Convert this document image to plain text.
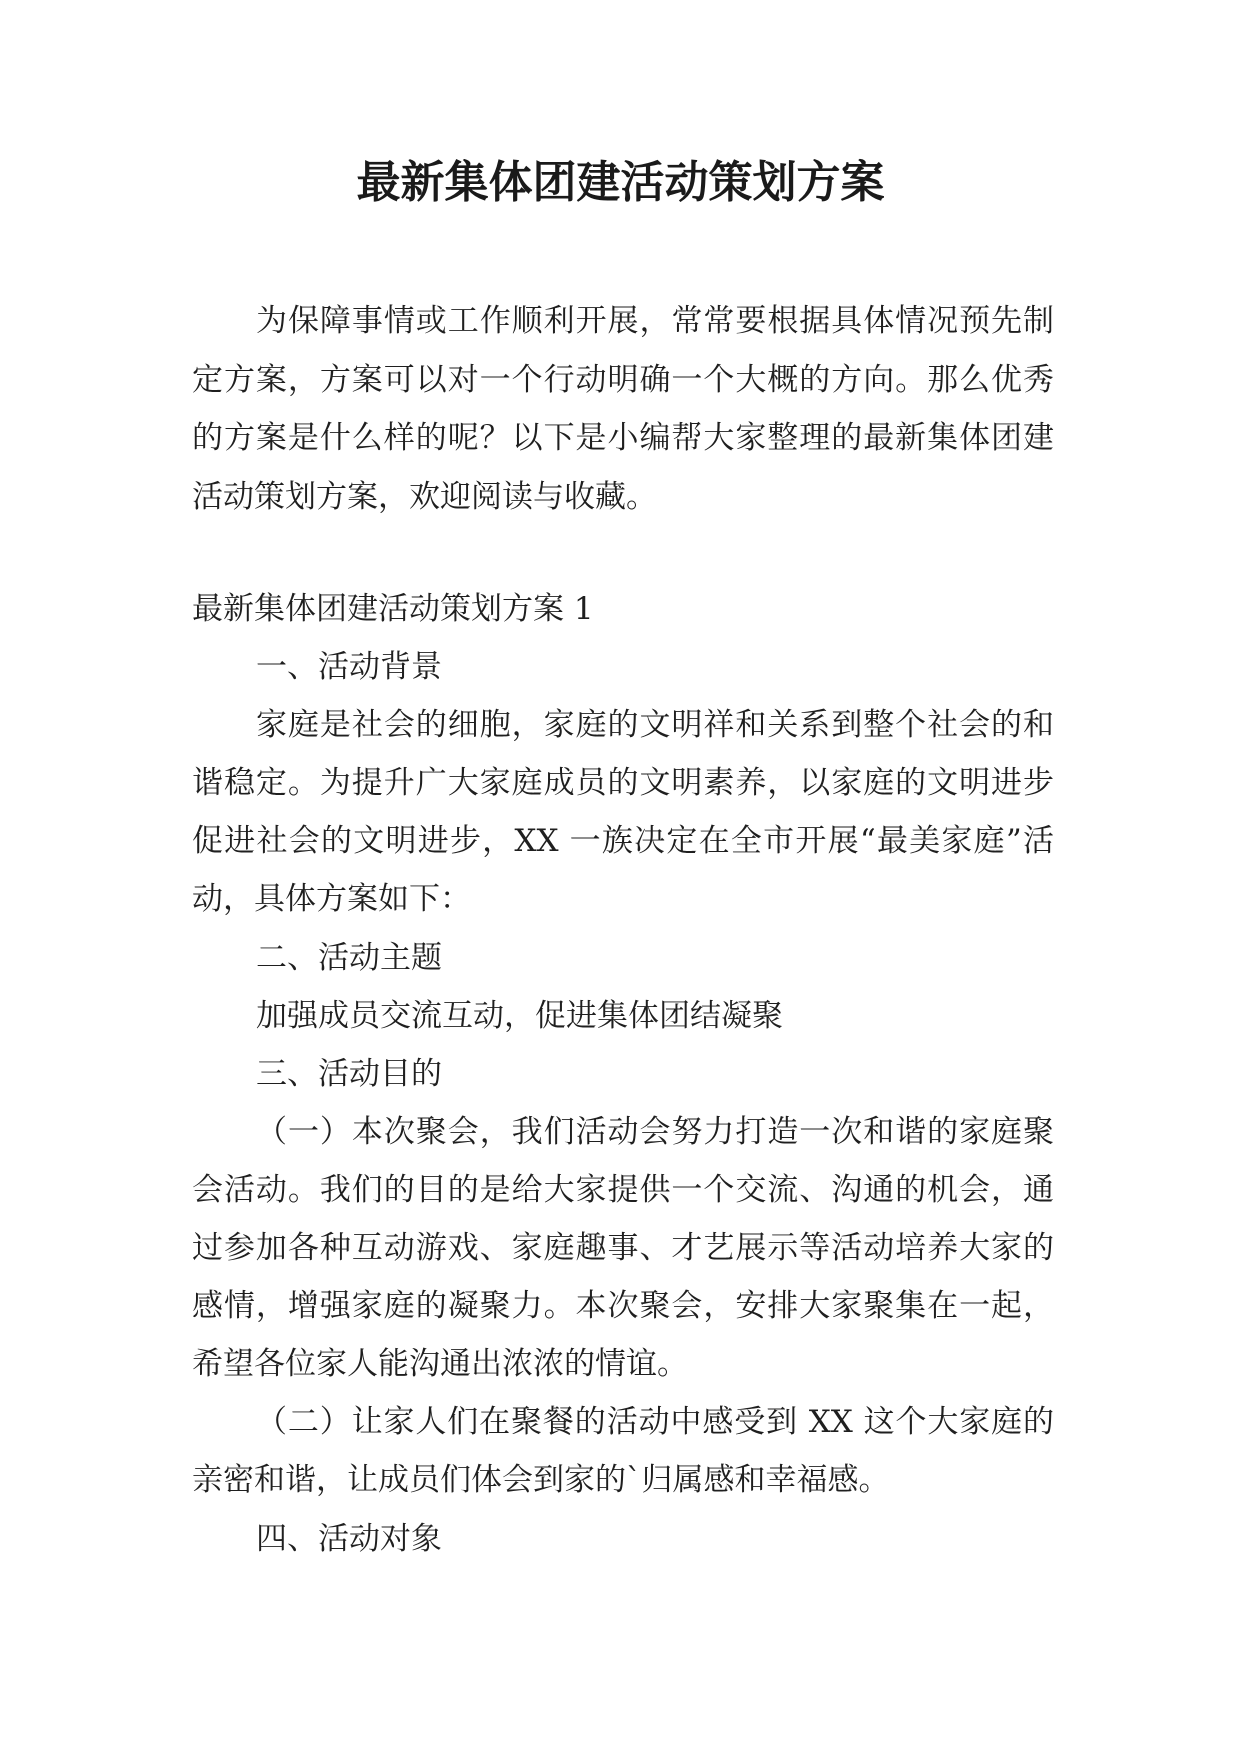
最新集体团建活动策划方案

为保障事情或工作顺利开展，常常要根据具体情况预先制定方案，方案可以对一个行动明确一个大概的方向。那么优秀的方案是什么样的呢？以下是小编帮大家整理的最新集体团建活动策划方案，欢迎阅读与收藏。

最新集体团建活动策划方案 1

一、活动背景

家庭是社会的细胞，家庭的文明祥和关系到整个社会的和谐稳定。为提升广大家庭成员的文明素养，以家庭的文明进步促进社会的文明进步，XX 一族决定在全市开展“最美家庭”活动，具体方案如下：

二、活动主题

加强成员交流互动，促进集体团结凝聚

三、活动目的

（一）本次聚会，我们活动会努力打造一次和谐的家庭聚会活动。我们的目的是给大家提供一个交流、沟通的机会，通过参加各种互动游戏、家庭趣事、才艺展示等活动培养大家的感情，增强家庭的凝聚力。本次聚会，安排大家聚集在一起，希望各位家人能沟通出浓浓的情谊。

（二）让家人们在聚餐的活动中感受到 XX 这个大家庭的亲密和谐，让成员们体会到家的`归属感和幸福感。

四、活动对象
